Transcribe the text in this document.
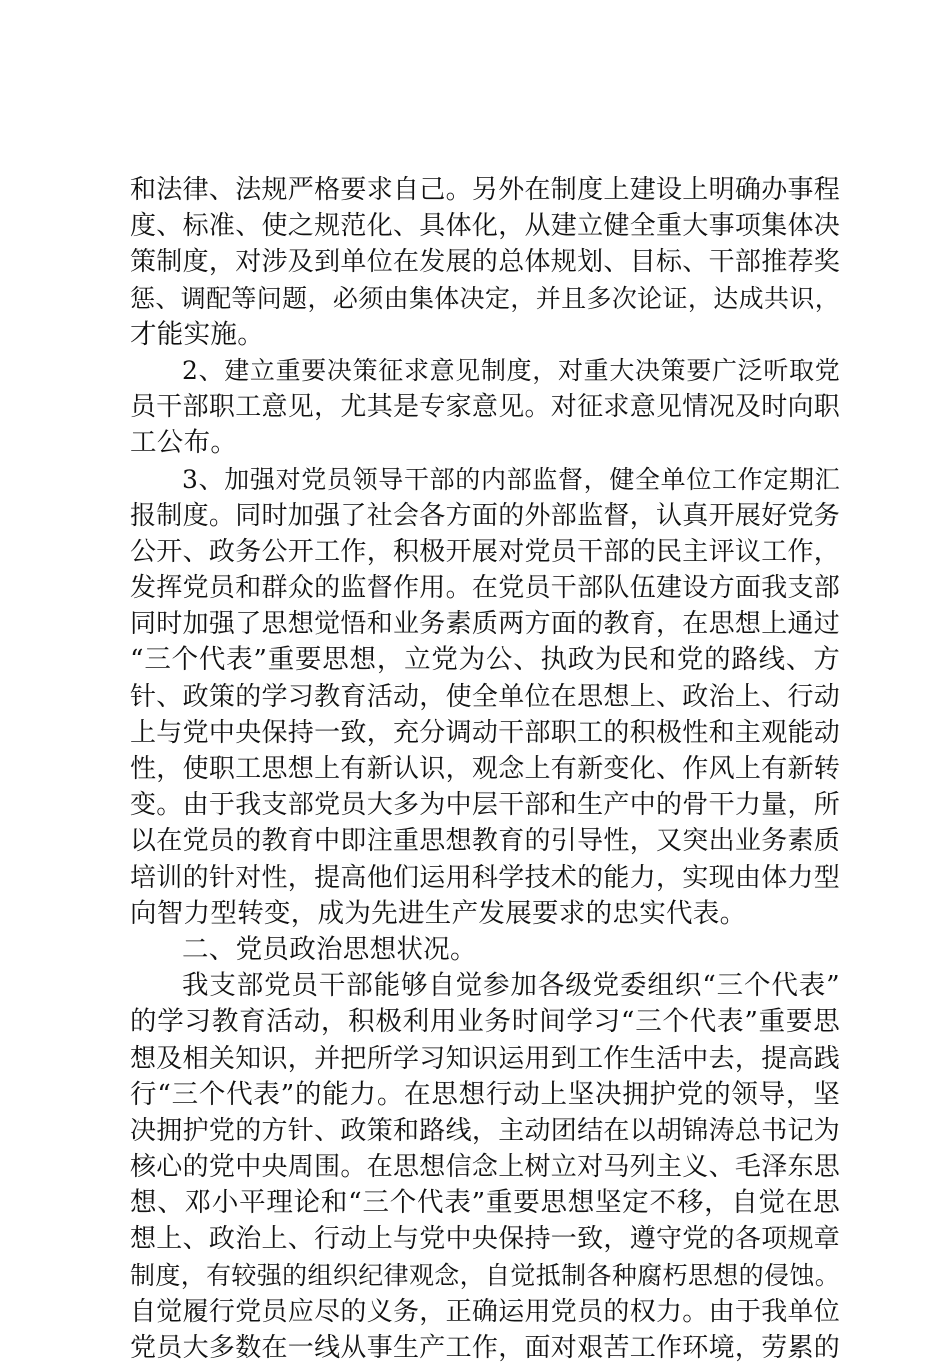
和法律、法规严格要求自己。另外在制度上建设上明确办事程
度、标准、使之规范化、具体化，从建立健全重大事项集体决
策制度，对涉及到单位在发展的总体规划、目标、干部推荐奖
惩、调配等问题，必须由集体决定，并且多次论证，达成共识，
才能实施。
2、建立重要决策征求意见制度，对重大决策要广泛听取党
员干部职工意见，尤其是专家意见。对征求意见情况及时向职
工公布。
3、加强对党员领导干部的内部监督，健全单位工作定期汇
报制度。同时加强了社会各方面的外部监督，认真开展好党务
公开、政务公开工作，积极开展对党员干部的民主评议工作，
发挥党员和群众的监督作用。在党员干部队伍建设方面我支部
同时加强了思想觉悟和业务素质两方面的教育，在思想上通过
“三个代表”重要思想，立党为公、执政为民和党的路线、方
针、政策的学习教育活动，使全单位在思想上、政治上、行动
上与党中央保持一致，充分调动干部职工的积极性和主观能动
性，使职工思想上有新认识，观念上有新变化、作风上有新转
变。由于我支部党员大多为中层干部和生产中的骨干力量，所
以在党员的教育中即注重思想教育的引导性，又突出业务素质
培训的针对性，提高他们运用科学技术的能力，实现由体力型
向智力型转变，成为先进生产发展要求的忠实代表。
二、党员政治思想状况。
我支部党员干部能够自觉参加各级党委组织“三个代表”
的学习教育活动，积极利用业务时间学习“三个代表”重要思
想及相关知识，并把所学习知识运用到工作生活中去，提高践
行“三个代表”的能力。在思想行动上坚决拥护党的领导，坚
决拥护党的方针、政策和路线，主动团结在以胡锦涛总书记为
核心的党中央周围。在思想信念上树立对马列主义、毛泽东思
想、邓小平理论和“三个代表”重要思想坚定不移，自觉在思
想上、政治上、行动上与党中央保持一致，遵守党的各项规章
制度，有较强的组织纪律观念，自觉抵制各种腐朽思想的侵蚀。
自觉履行党员应尽的义务，正确运用党员的权力。由于我单位
党员大多数在一线从事生产工作，面对艰苦工作环境，劳累的
